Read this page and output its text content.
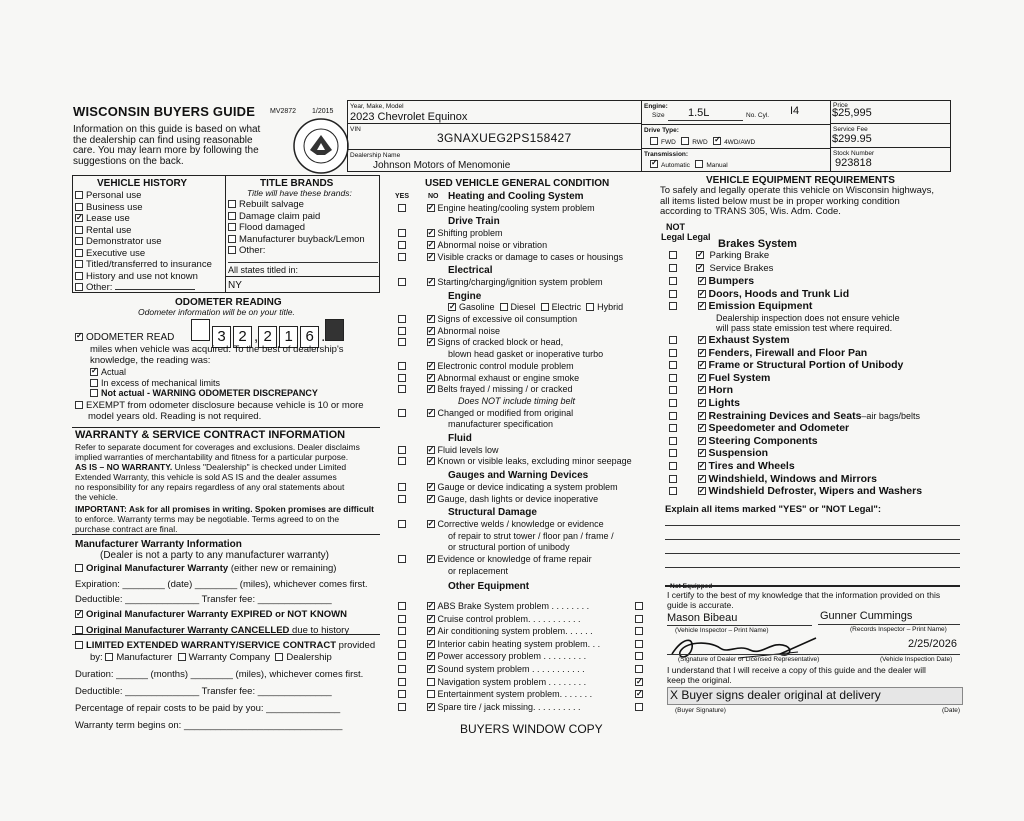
WISCONSIN BUYERS GUIDE MV2872 1/2015
Information on this guide is based on what
the dealership can find using reasonable
care. You may learn more by following the
suggestions on the back.
Year, Make, Model
2023 Chevrolet Equinox
VIN
3GNAXUEG2PS158427
Dealership Name
Johnson Motors of Menomonie
Engine:
Size 1.5L	No. Cyl. I4
Drive Type:
FWD	RWD   ✓	4WD/AWD
Transmission:
✓Automatic	Manual
Price
$25,995
Service Fee
$299.95
Stock Number
923818
VEHICLE HISTORY
Personal use
Business use
✓Lease use
Rental use
Demonstrator use
Executive use
Titled/transferred to insurance
History and use not known
Other:
TITLE BRANDS
Title will have these brands:
Rebuilt salvage
Damage claim paid
Flood damaged
Manufacturer buyback/Lemon
Other:
All states titled in:
NY
ODOMETER READING
Odometer information will be on your title.
✓ODOMETER READ	3 2 , 2 1 6 .
miles when vehicle was acquired. To the best of dealership's
knowledge, the reading was:
✓Actual
In excess of mechanical limits
Not actual - WARNING ODOMETER DISCREPANCY
EXEMPT from odometer disclosure because vehicle is 10 or more
model years old. Reading is not required.
WARRANTY & SERVICE CONTRACT INFORMATION
Refer to separate document for coverages and exclusions. Dealer disclaims
implied warranties of merchantability and fitness for a particular purpose.
AS IS – NO WARRANTY. Unless "Dealership" is checked under Limited
Extended Warranty, this vehicle is sold AS IS and the dealer assumes
no responsibility for any repairs regardless of any oral statements about
the vehicle.
IMPORTANT: Ask for all promises in writing. Spoken promises are difficult
to enforce. Warranty terms may be negotiable. Terms agreed to on the
purchase contract are final.
Manufacturer Warranty Information
(Dealer is not a party to any manufacturer warranty)
Original Manufacturer Warranty (either new or remaining)
Expiration: ________ (date) ________ (miles), whichever comes first.
Deductible: ______________ Transfer fee: ______________
✓Original Manufacturer Warranty EXPIRED or NOT KNOWN
Original Manufacturer Warranty CANCELLED due to history
LIMITED EXTENDED WARRANTY/SERVICE CONTRACT provided
by: Manufacturer Warranty Company Dealership
Duration: ______ (months) ________ (miles), whichever comes first.
Deductible: ______________ Transfer fee: ______________
Percentage of repair costs to be paid by you: ______________
Warranty term begins on: ______________________________
USED VEHICLE GENERAL CONDITION
YES	NO Heating and Cooling System
✓Engine heating/cooling system problem
Drive Train
✓Shifting problem
✓Abnormal noise or vibration
✓Visible cracks or damage to cases or housings
Electrical
✓Starting/charging/ignition system problem
Engine
✓Gasoline Diesel Electric Hybrid
✓Signs of excessive oil consumption
✓Abnormal noise
✓Signs of cracked block or head,
blown head gasket or inoperative turbo
✓Electronic control module problem
✓Abnormal exhaust or engine smoke
✓Belts frayed / missing / or cracked
Does NOT include timing belt
✓Changed or modified from original
manufacturer specification
Fluid
✓Fluid levels low
✓Known or visible leaks, excluding minor seepage
Gauges and Warning Devices
✓Gauge or device indicating a system problem
✓Gauge, dash lights or device inoperative
Structural Damage
✓Corrective welds / knowledge or evidence
of repair to strut tower / floor pan / frame /
or structural portion of unibody
✓Evidence or knowledge of frame repair
or replacement
Other Equipment	Not Equipped
✓ABS Brake System problem . . . . . . . .
✓Cruise control problem. . . . . . . . . . .
✓Air conditioning system problem. . . . . .
✓Interior cabin heating system problem. . .
✓Power accessory problem . . . . . . . . .
✓Sound system problem . . . . . . . . . . .
Navigation system problem . . . . . . . .
✓
Entertainment system problem. . . . . . .
✓
✓Spare tire / jack missing. . . . . . . . . .
BUYERS WINDOW COPY
VEHICLE EQUIPMENT REQUIREMENTS
To safely and legally operate this vehicle on Wisconsin highways,
all items listed below must be in proper working condition
according to TRANS 305, Wis. Adm. Code.
NOT
Legal Legal
Brakes System
✓ Parking Brake
✓ Service Brakes
✓Bumpers
✓Doors, Hoods and Trunk Lid
✓Emission Equipment
Dealership inspection does not ensure vehicle
will pass state emission test where required.
✓Exhaust System
✓Fenders, Firewall and Floor Pan
✓Frame or Structural Portion of Unibody
✓Fuel System
✓Horn
✓Lights
✓Restraining Devices and Seats–air bags/belts
✓Speedometer and Odometer
✓Steering Components
✓Suspension
✓Tires and Wheels
✓Windshield, Windows and Mirrors
✓Windshield Defroster, Wipers and Washers
Explain all items marked "YES" or "NOT Legal":
I certify to the best of my knowledge that the information provided on this
guide is accurate.
Mason Bibeau
(Vehicle Inspector – Print Name)
Gunner Cummings
(Records Inspector – Print Name)
2/25/2026
(Signature of Dealer or Licensed Representative)	(Vehicle Inspection Date)
I understand that I will receive a copy of this guide and the dealer will
keep the original.
X Buyer signs dealer original at delivery
(Buyer Signature)	(Date)
